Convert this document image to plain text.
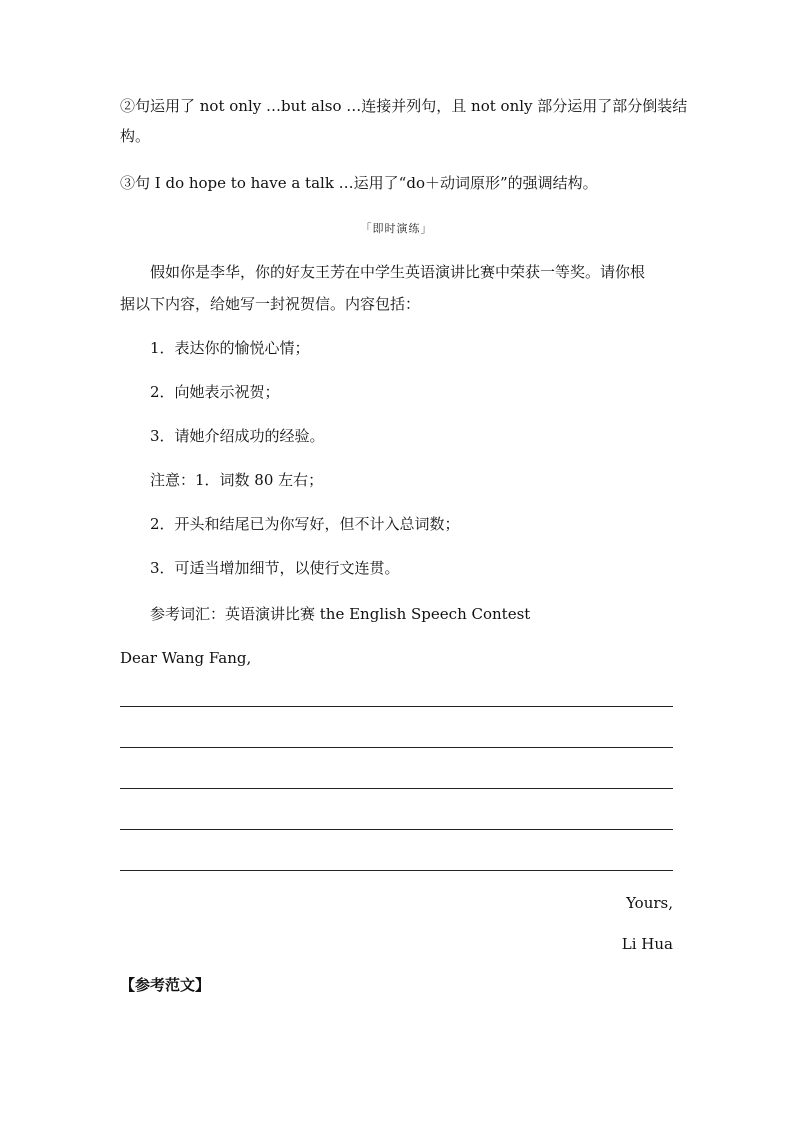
②句运用了 not only …but also …连接并列句，且 not only 部分运用了部分倒装结
构。
③句 I do hope to have a talk …运用了“do＋动词原形”的强调结构。
「即时演练」
假如你是李华，你的好友王芳在中学生英语演讲比赛中荣获一等奖。请你根
据以下内容，给她写一封祝贺信。内容包括：
1．表达你的愉悦心情；
2．向她表示祝贺；
3．请她介绍成功的经验。
注意：1．词数 80 左右；
2．开头和结尾已为你写好，但不计入总词数；
3．可适当增加细节，以使行文连贯。
参考词汇：英语演讲比赛 the English Speech Contest
Dear Wang Fang,
Yours,
Li Hua
【参考范文】
